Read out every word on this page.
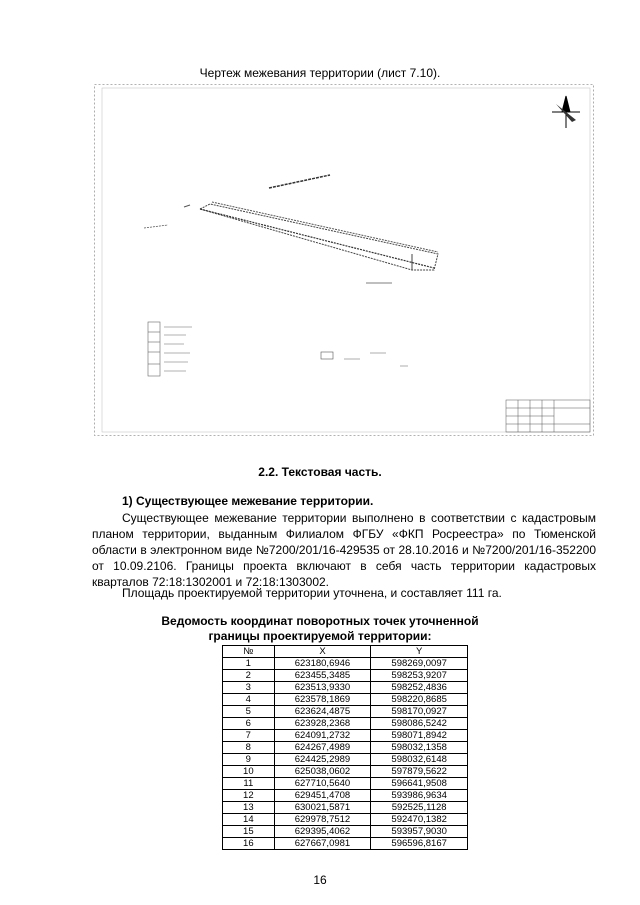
Чертеж межевания территории (лист 7.10).
2.2. Текстовая часть.
1) Существующее межевание территории.

Существующее межевание территории выполнено в соответствии с кадастровым планом территории, выданным Филиалом ФГБУ «ФКП Росреестра» по Тюменской области в электронном виде №7200/201/16-429535 от 28.10.2016 и №7200/201/16-352200 от 10.09.2106. Границы проекта включают в себя часть территории кадастровых кварталов 72:18:1302001 и 72:18:1303002.

Площадь проектируемой территории уточнена, и составляет 111 га.
Ведомость координат поворотных точек уточненной
границы проектируемой территории:
№	X	Y
1	623180,6946	598269,0097
2	623455,3485	598253,9207
3	623513,9330	598252,4836
4	623578,1869	598220,8685
5	623624,4875	598170,0927
6	623928,2368	598086,5242
7	624091,2732	598071,8942
8	624267,4989	598032,1358
9	624425,2989	598032,6148
10	625038,0602	597879,5622
11	627710,5640	596641,9508
12	629451,4708	593986,9634
13	630021,5871	592525,1128
14	629978,7512	592470,1382
15	629395,4062	593957,9030
16	627667,0981	596596,8167
16
